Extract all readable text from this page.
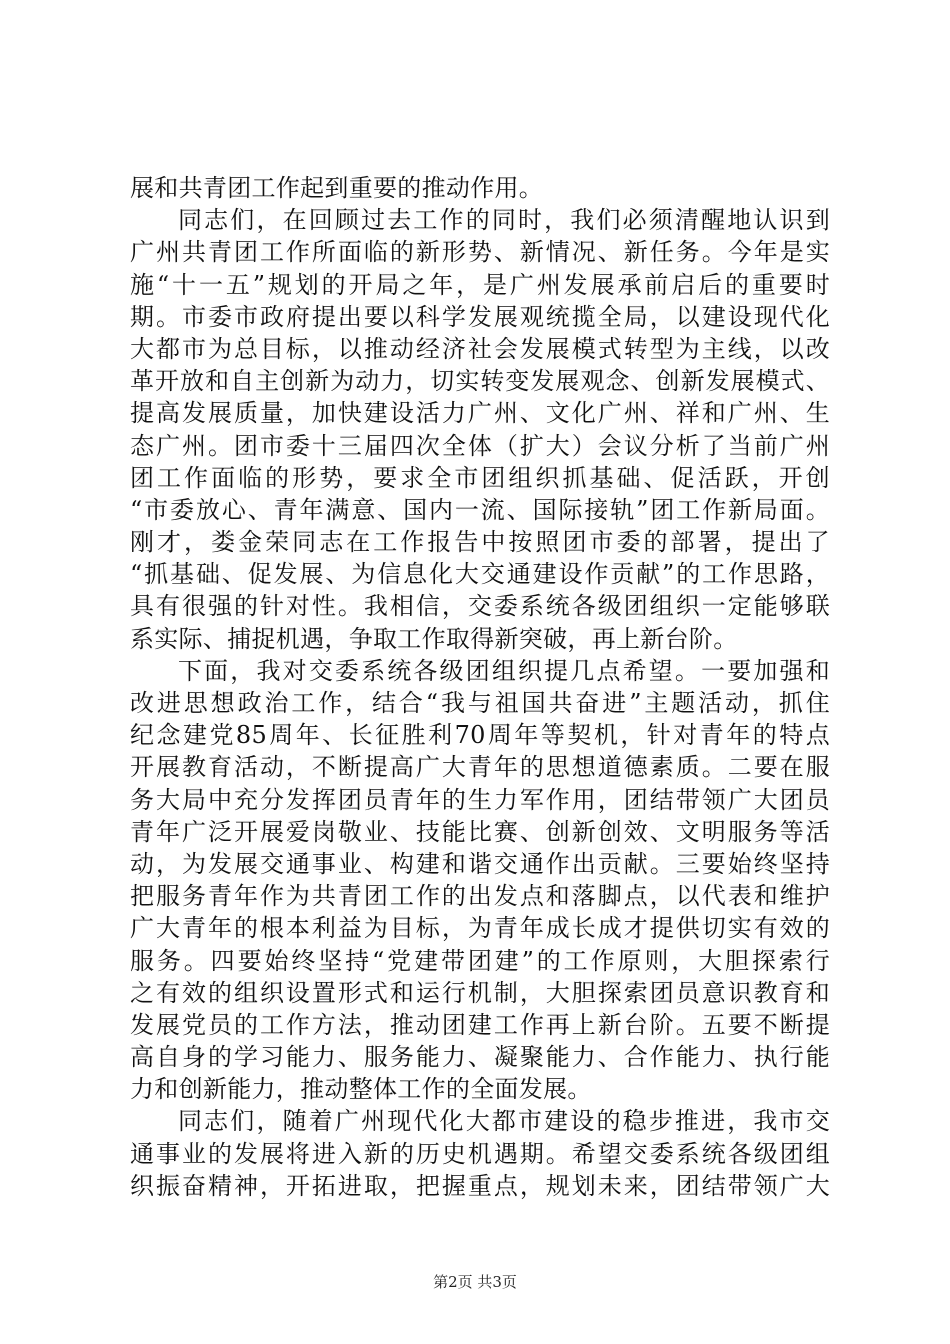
展和共青团工作起到重要的推动作用。
同志们，在回顾过去工作的同时，我们必须清醒地认识到
广州共青团工作所面临的新形势、新情况、新任务。今年是实
施“十一五”规划的开局之年，是广州发展承前启后的重要时
期。市委市政府提出要以科学发展观统揽全局，以建设现代化
大都市为总目标，以推动经济社会发展模式转型为主线，以改
革开放和自主创新为动力，切实转变发展观念、创新发展模式、
提高发展质量，加快建设活力广州、文化广州、祥和广州、生
态广州。团市委十三届四次全体（扩大）会议分析了当前广州
团工作面临的形势，要求全市团组织抓基础、促活跃，开创
“市委放心、青年满意、国内一流、国际接轨”团工作新局面。
刚才，娄金荣同志在工作报告中按照团市委的部署，提出了
“抓基础、促发展、为信息化大交通建设作贡献”的工作思路，
具有很强的针对性。我相信，交委系统各级团组织一定能够联
系实际、捕捉机遇，争取工作取得新突破，再上新台阶。
下面，我对交委系统各级团组织提几点希望。一要加强和
改进思想政治工作，结合“我与祖国共奋进”主题活动，抓住
纪念建党85周年、长征胜利70周年等契机，针对青年的特点
开展教育活动，不断提高广大青年的思想道德素质。二要在服
务大局中充分发挥团员青年的生力军作用，团结带领广大团员
青年广泛开展爱岗敬业、技能比赛、创新创效、文明服务等活
动，为发展交通事业、构建和谐交通作出贡献。三要始终坚持
把服务青年作为共青团工作的出发点和落脚点，以代表和维护
广大青年的根本利益为目标，为青年成长成才提供切实有效的
服务。四要始终坚持“党建带团建”的工作原则，大胆探索行
之有效的组织设置形式和运行机制，大胆探索团员意识教育和
发展党员的工作方法，推动团建工作再上新台阶。五要不断提
高自身的学习能力、服务能力、凝聚能力、合作能力、执行能
力和创新能力，推动整体工作的全面发展。
同志们，随着广州现代化大都市建设的稳步推进，我市交
通事业的发展将进入新的历史机遇期。希望交委系统各级团组
织振奋精神，开拓进取，把握重点，规划未来，团结带领广大
第2页 共3页
